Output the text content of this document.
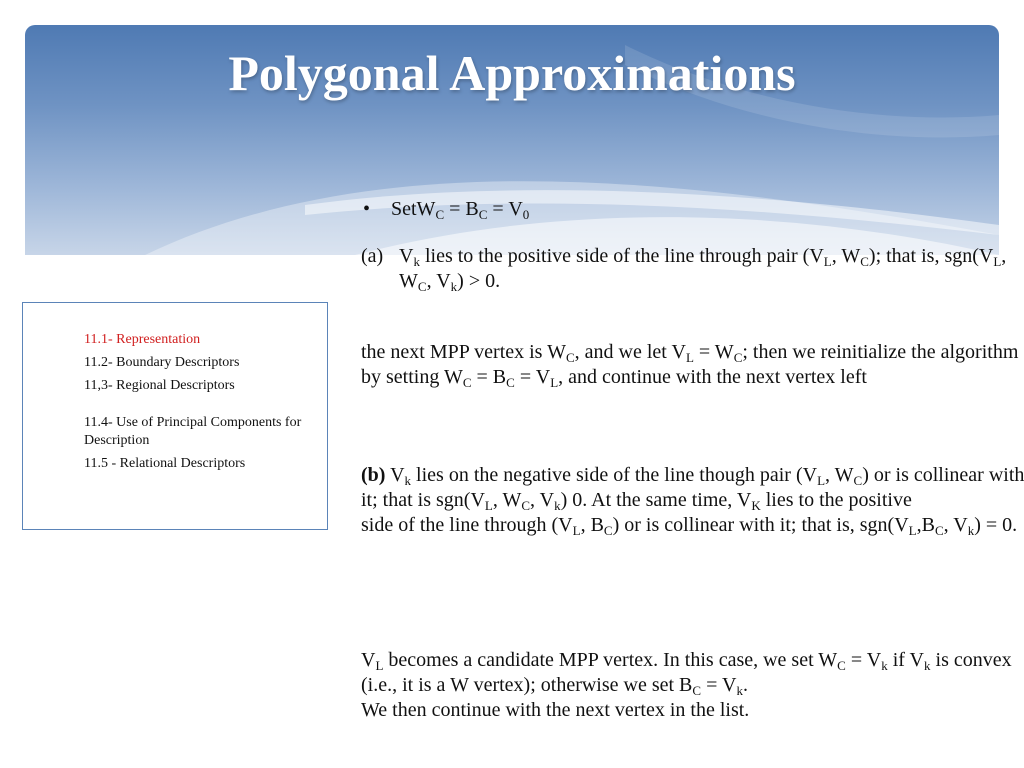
Polygonal Approximations
11.1- Representation
11.2- Boundary Descriptors
11,3- Regional Descriptors
11.4- Use of Principal Components for Description
11.5 - Relational Descriptors

• SetW$_C$ = $B_C = V_0$

(a) $V_k$ lies to the positive side of the line through pair ($V_L$, $W_C$); that is, $sgn(V_L$, $W_C$, $V_k) > 0$.

the next MPP vertex is $W_C$, and we let $V_L = W_C$; then we reinitialize the algorithm by setting $W_C = B_C = V_L$, and continue with the next vertex left

(b) $V_k$ lies on the negative side of the line though pair ($V_L$, $W_C$) or is collinear with it; that is $sgn(V_L$, $W_C$, $V_k$) 0. At the same time, $V_K$ lies to the positive
side of the line through ($V_L$, $B_C$) or is collinear with it; that is, $sgn(V_L,B_C$, $V_k) = 0$.

$V_L$ becomes a candidate MPP vertex. In this case, we set $W_C = V_k$ if $V_k$ is convex (i.e., it is a W vertex); otherwise we set $B_C = V_k$.
We then continue with the next vertex in the list.
